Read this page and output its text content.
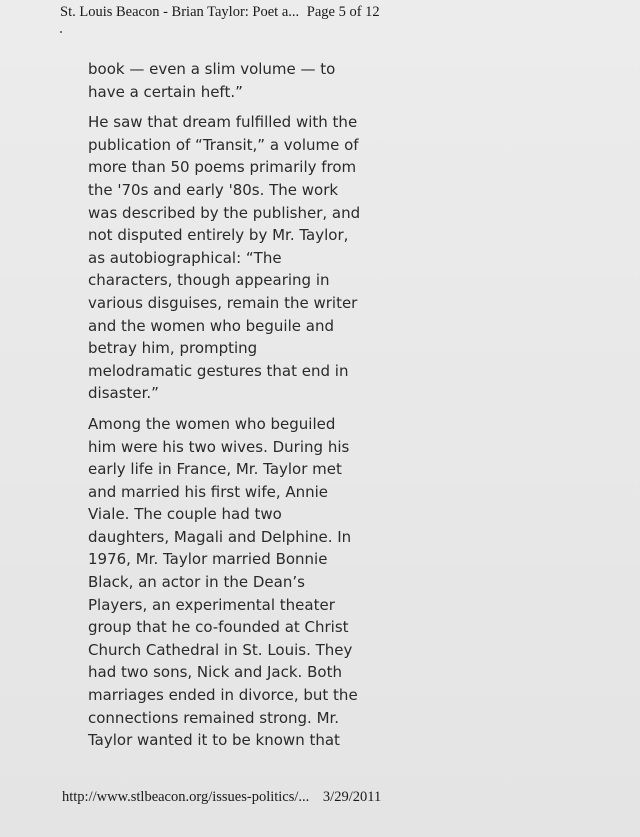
St. Louis Beacon - Brian Taylor: Poet a... Page 5 of 12

book — even a slim volume — to
have a certain heft.”

He saw that dream fulfilled with the
publication of “Transit,” a volume of
more than 50 poems primarily from
the '70s and early '80s. The work
was described by the publisher, and
not disputed entirely by Mr. Taylor,
as autobiographical: “The
characters, though appearing in
various disguises, remain the writer
and the women who beguile and
betray him, prompting
melodramatic gestures that end in
disaster.”

Among the women who beguiled
him were his two wives. During his
early life in France, Mr. Taylor met
and married his first wife, Annie
Viale. The couple had two
daughters, Magali and Delphine. In
1976, Mr. Taylor married Bonnie
Black, an actor in the Dean’s
Players, an experimental theater
group that he co-founded at Christ
Church Cathedral in St. Louis. They
had two sons, Nick and Jack. Both
marriages ended in divorce, but the
connections remained strong. Mr.
Taylor wanted it to be known that

http://www.stlbeacon.org/issues-politics/... 3/29/2011
